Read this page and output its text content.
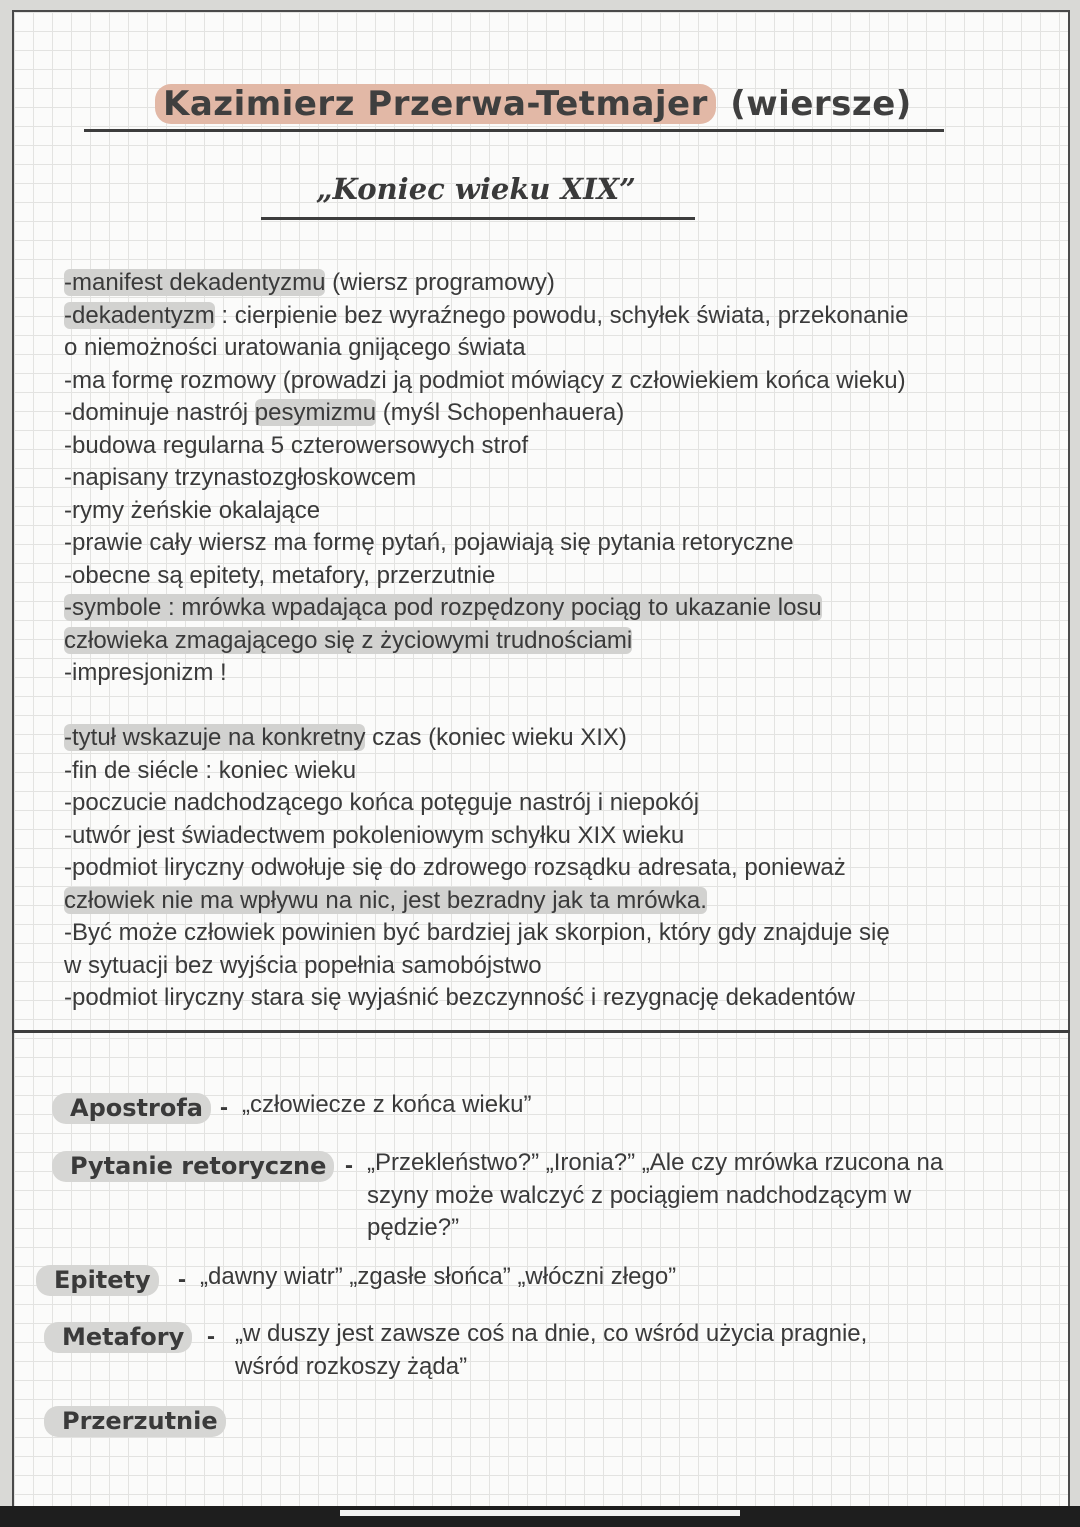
Kazimierz Przerwa-Tetmajer (wiersze)
„Koniec wieku XIX”

-manifest dekadentyzmu (wiersz programowy)

-dekadentyzm : cierpienie bez wyraźnego powodu, schyłek świata, przekonanie

o niemożności uratowania gnijącego świata

-ma formę rozmowy (prowadzi ją podmiot mówiący z człowiekiem końca wieku)

-dominuje nastrój pesymizmu (myśl Schopenhauera)

-budowa regularna 5 czterowersowych strof

-napisany trzynastozgłoskowcem

-rymy żeńskie okalające

-prawie cały wiersz ma formę pytań, pojawiają się pytania retoryczne

-obecne są epitety, metafory, przerzutnie

-symbole : mrówka wpadająca pod rozpędzony pociąg to ukazanie losu

człowieka zmagającego się z życiowymi trudnościami

-impresjonizm !

-tytuł wskazuje na konkretny czas (koniec wieku XIX)

-fin de siécle : koniec wieku

-poczucie nadchodzącego końca potęguje nastrój i niepokój

-utwór jest świadectwem pokoleniowym schyłku XIX wieku

-podmiot liryczny odwołuje się do zdrowego rozsądku adresata, ponieważ

człowiek nie ma wpływu na nic, jest bezradny jak ta mrówka.

-Być może człowiek powinien być bardziej jak skorpion, który gdy znajduje się

w sytuacji bez wyjścia popełnia samobójstwo

-podmiot liryczny stara się wyjaśnić bezczynność i rezygnację dekadentów

Apostrofa - „człowiecze z końca wieku”
Pytanie retoryczne - „Przekleństwo?” „Ironia?” „Ale czy mrówka rzucona na
szyny może walczyć z pociągiem nadchodzącym w
pędzie?”
Epitety	- „dawny wiatr” „zgasłe słońca” „włóczni złego”
Metafory - „w duszy jest zawsze coś na dnie, co wśród użycia pragnie,
wśród rozkoszy żąda”
Przerzutnie
